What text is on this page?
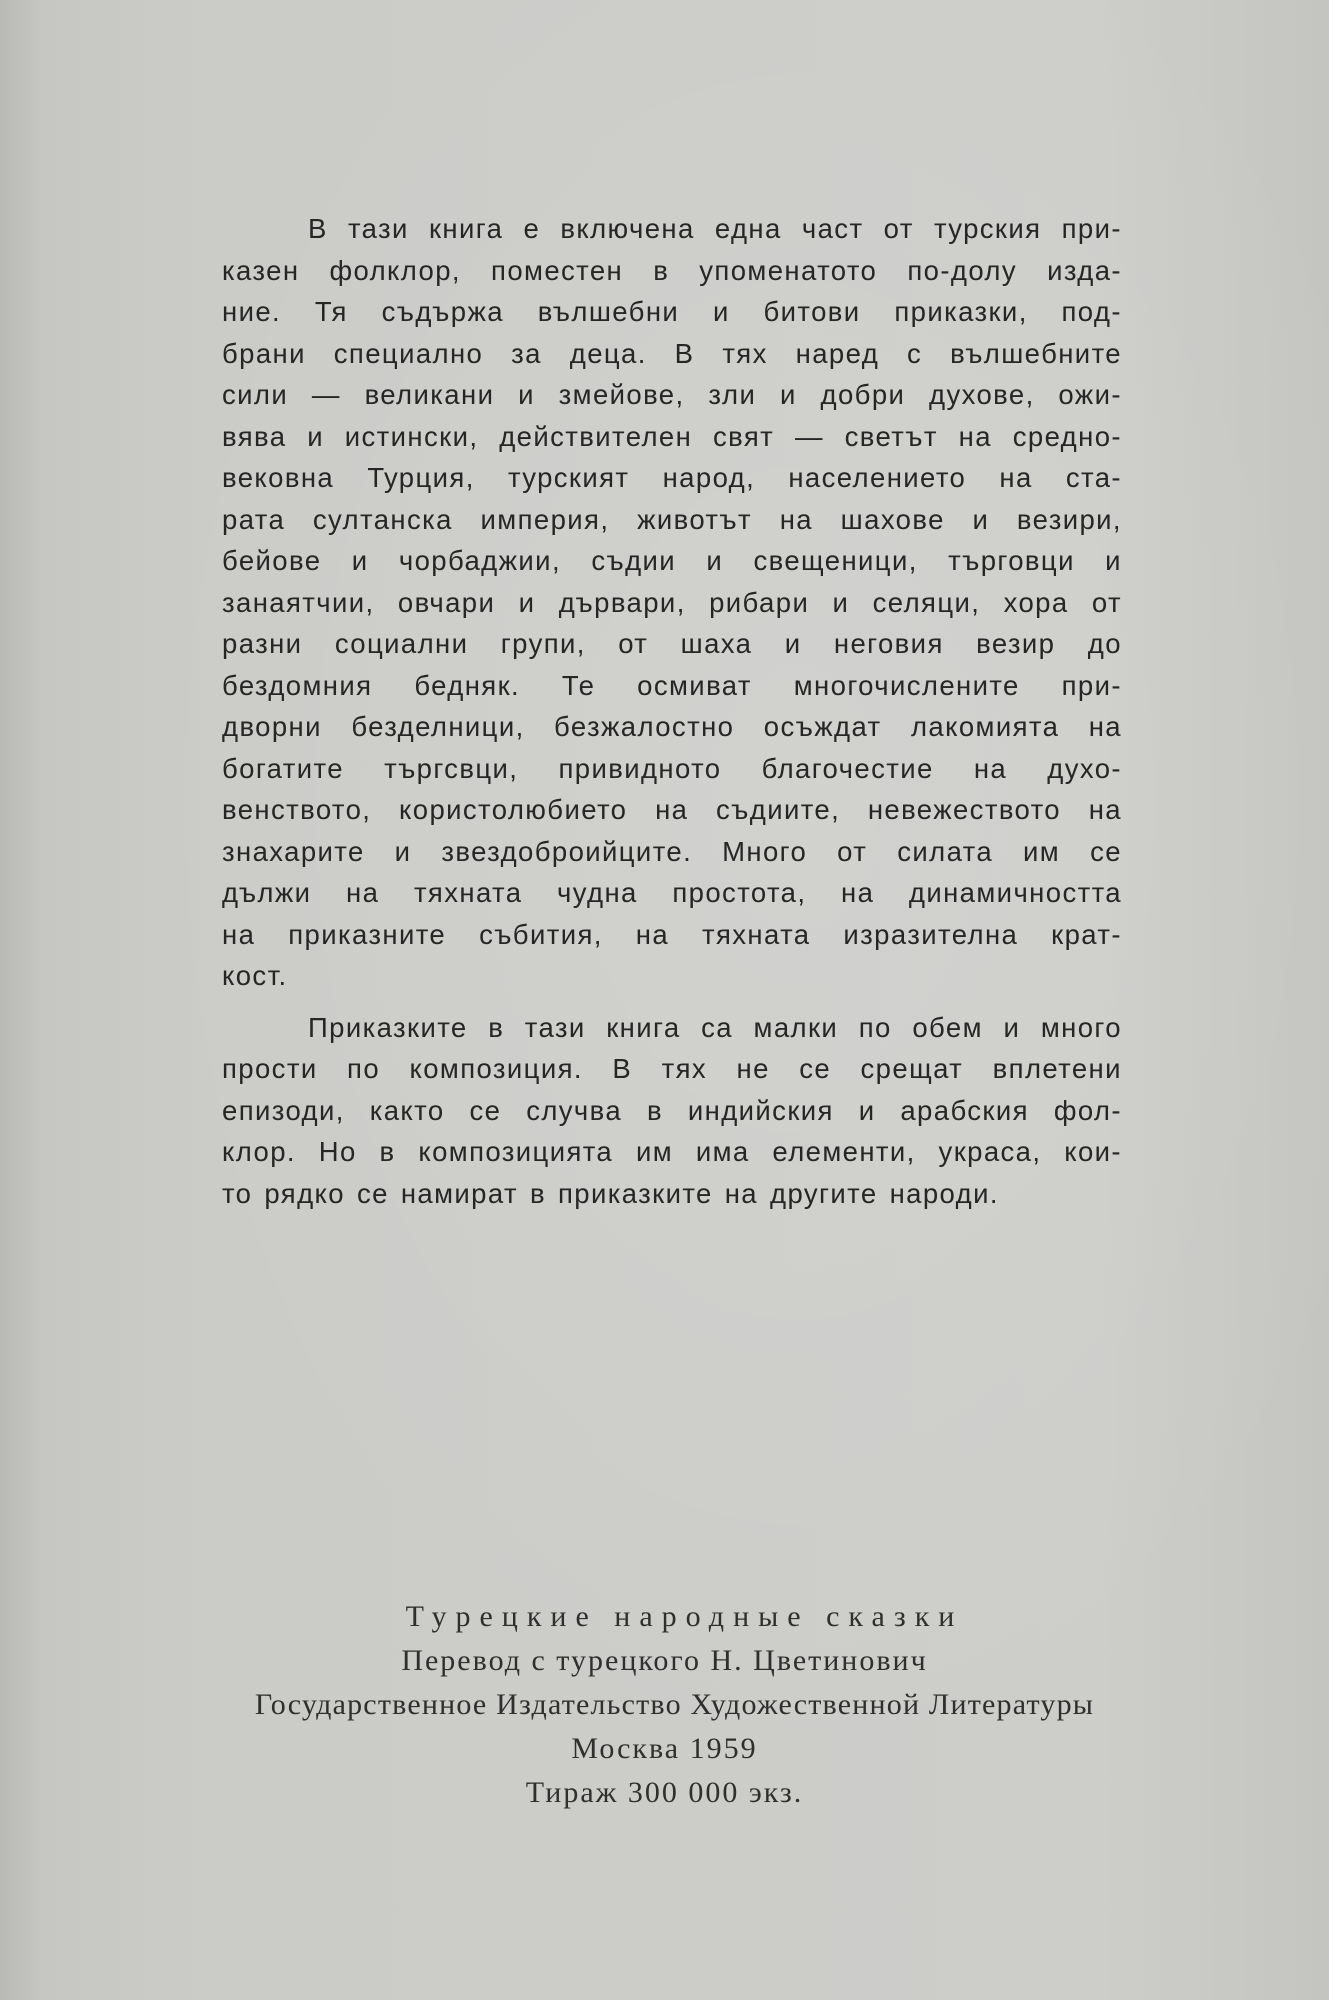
В тази книга е включена една част от турския при-
казен фолклор, поместен в упоменатото по-долу изда-
ние. Тя съдържа вълшебни и битови приказки, под-
брани специално за деца. В тях наред с вълшебните
сили — великани и змейове, зли и добри духове, ожи-
вява и истински, действителен свят — светът на средно-
вековна Турция, турският народ, населението на ста-
рата султанска империя, животът на шахове и везири,
бейове и чорбаджии, съдии и свещеници, търговци и
занаятчии, овчари и дървари, рибари и селяци, хора от
разни социални групи, от шаха и неговия везир до
бездомния бедняк. Те осмиват многочислените при-
дворни безделници, безжалостно осъждат лакомията на
богатите търгсвци, привидното благочестие на духо-
венството, користолюбието на съдиите, невежеството на
знахарите и звездоброийците. Много от силата им се
дължи на тяхната чудна простота, на динамичността
на приказните събития, на тяхната изразителна крат-
кост.
Приказките в тази книга са малки по обем и много
прости по композиция. В тях не се срещат вплетени
епизоди, както се случва в индийския и арабския фол-
клор. Но в композицията им има елементи, украса, кои-
то рядко се намират в приказките на другите народи.
Турецкие народные сказки
Перевод с турецкого Н. Цветинович
Государственное Издательство Художественной Литературы
Москва 1959
Тираж 300 000 экз.
